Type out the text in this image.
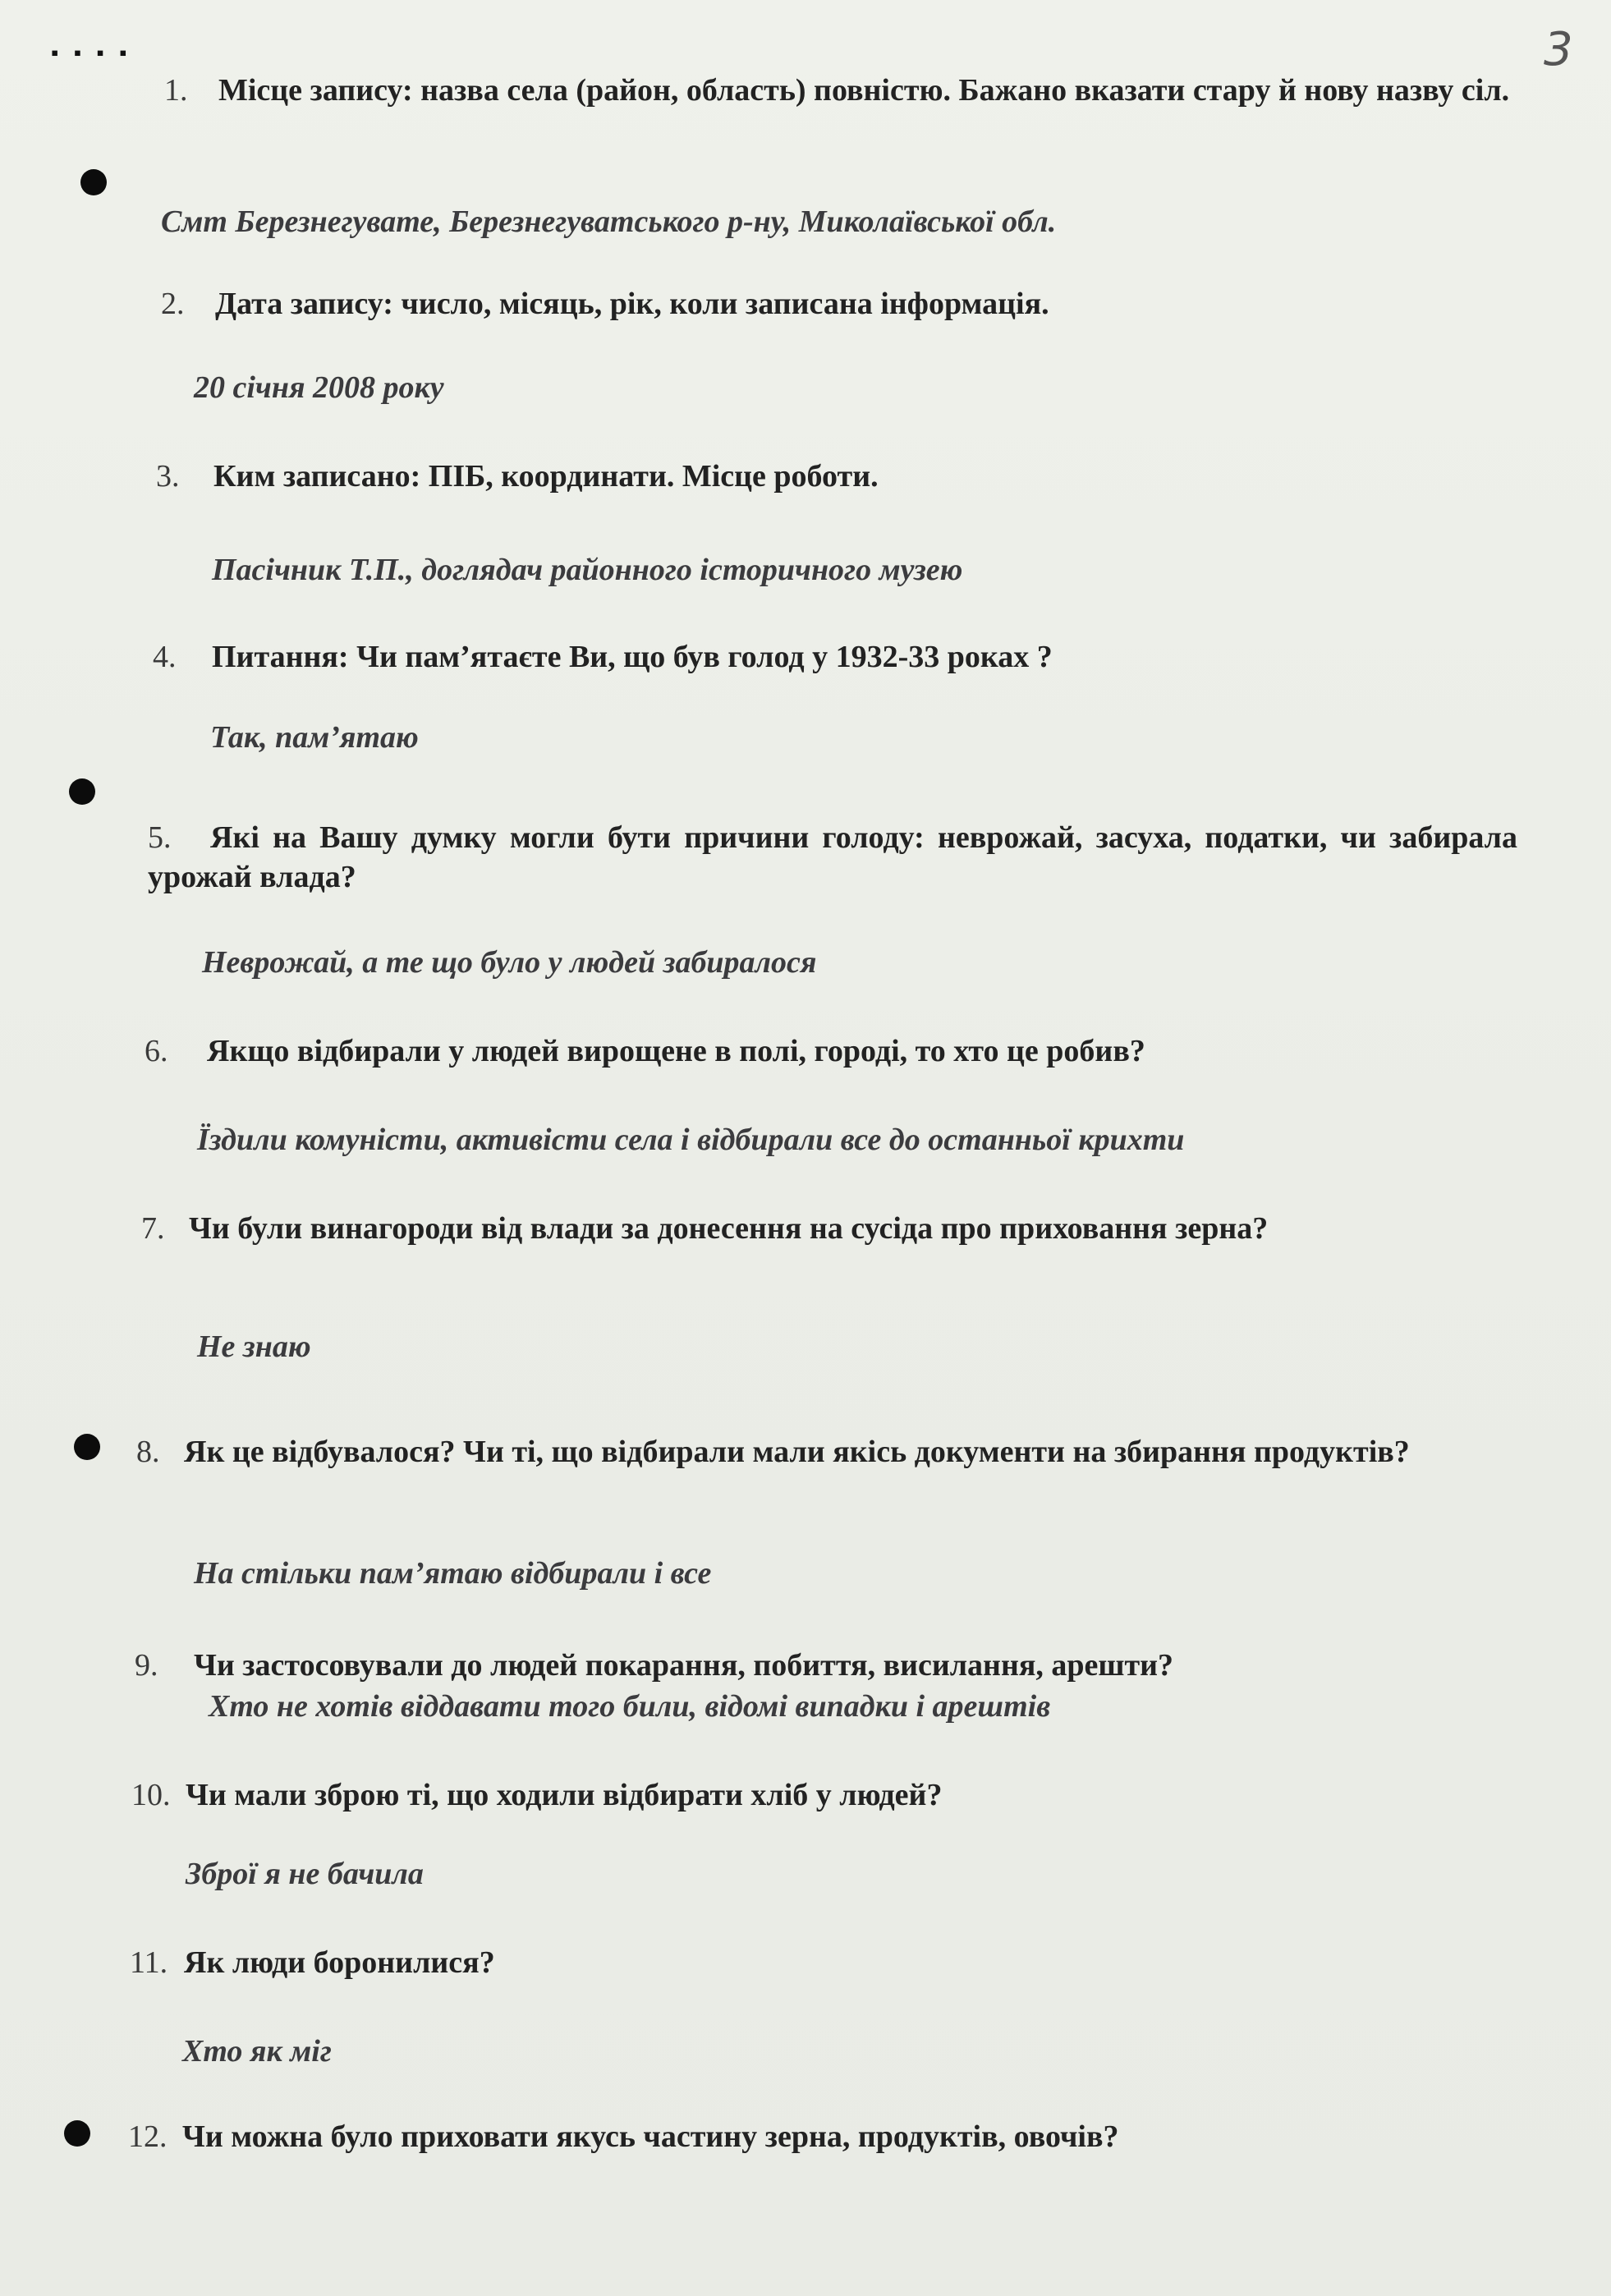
▪ ▪ ▪ ▪	3
1. Місце запису: назва села (район, область) повністю. Бажано вказати стару й нову назву сіл.
Смт Березнегувате, Березнегуватського р-ну, Миколаївської обл.
2. Дата запису: число, місяць, рік, коли записана інформація.
20 січня 2008 року
3. Ким записано: ПІБ, координати. Місце роботи.
Пасічник Т.П., доглядач районного історичного музею
4. Питання: Чи пам’ятаєте Ви, що був голод у 1932-33 роках ?
Так, пам’ятаю
5. Які на Вашу думку могли бути причини голоду: неврожай, засуха, податки, чи забирала урожай влада?
Неврожай, а те що було у людей забиралося
6. Якщо відбирали у людей вирощене в полі, городі, то хто це робив?
Їздили комуністи, активісти села і відбирали все до останньої крихти
7. Чи були винагороди від влади за донесення на сусіда про приховання зерна?
Не знаю
8. Як це відбувалося? Чи ті, що відбирали мали якісь документи на збирання продуктів?
На стільки пам’ятаю відбирали і все
9. Чи застосовували до людей покарання, побиття, висилання, арешти?
Хто не хотів віддавати того били, відомі випадки і арештів
10. Чи мали зброю ті, що ходили відбирати хліб у людей?
Зброї я не бачила
11. Як люди боронилися?
Хто як міг
12. Чи можна було приховати якусь частину зерна, продуктів, овочів?
